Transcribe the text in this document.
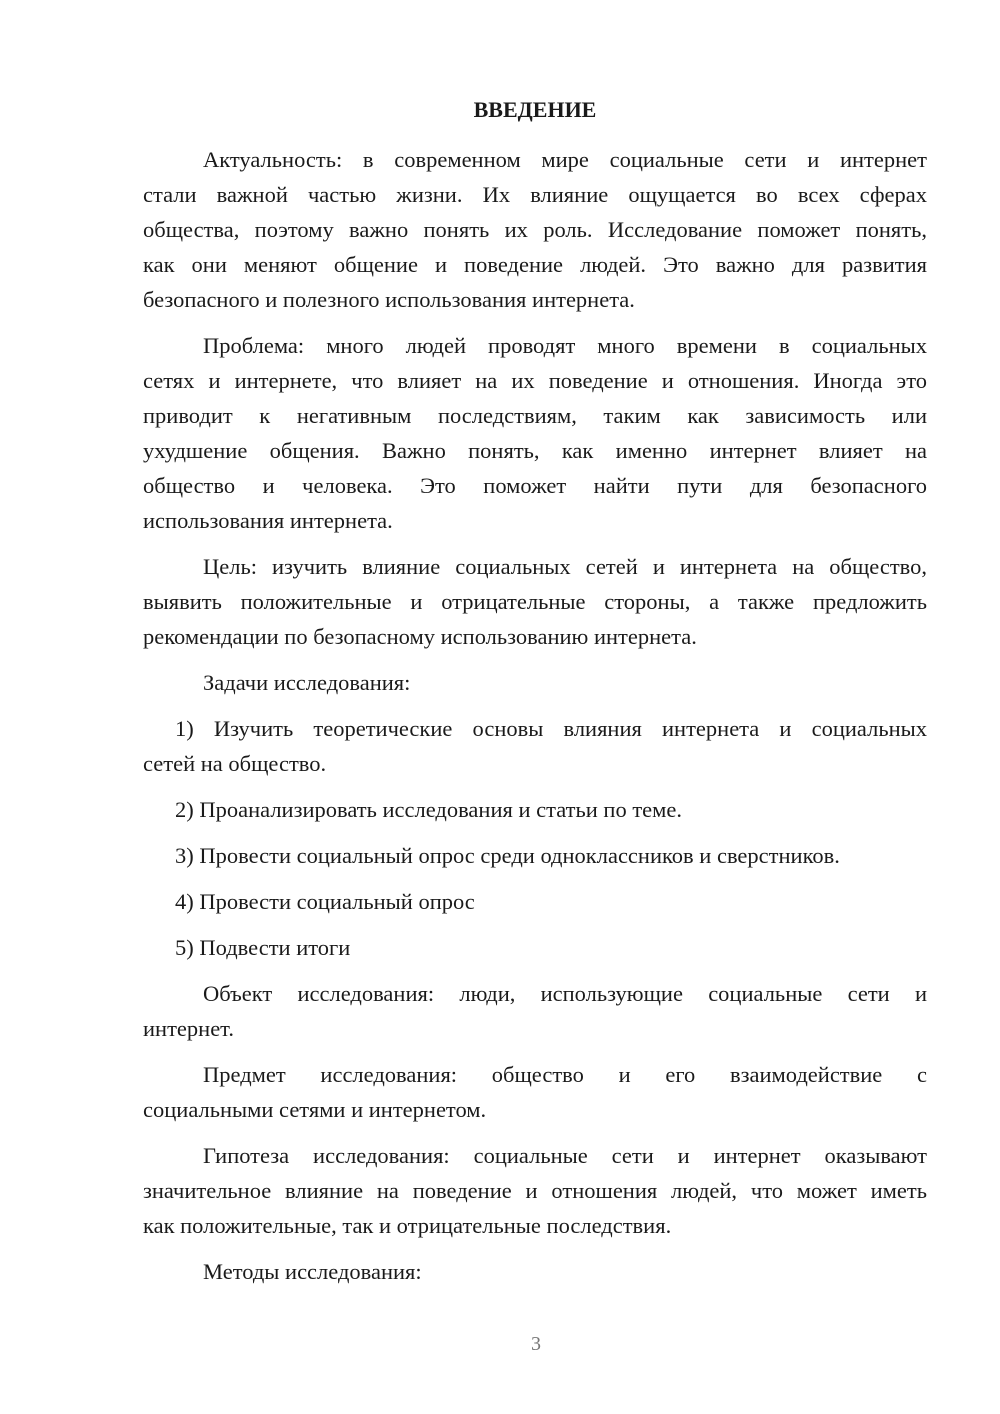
ВВЕДЕНИЕ
Актуальность: в современном мире социальные сети и интернет
стали важной частью жизни. Их влияние ощущается во всех сферах
общества, поэтому важно понять их роль. Исследование поможет понять,
как они меняют общение и поведение людей. Это важно для развития
безопасного и полезного использования интернета.
Проблема: много людей проводят много времени в социальных
сетях и интернете, что влияет на их поведение и отношения. Иногда это
приводит к негативным последствиям, таким как зависимость или
ухудшение общения. Важно понять, как именно интернет влияет на
общество и человека. Это поможет найти пути для безопасного
использования интернета.
Цель: изучить влияние социальных сетей и интернета на общество,
выявить положительные и отрицательные стороны, а также предложить
рекомендации по безопасному использованию интернета.
Задачи исследования:
1) Изучить теоретические основы влияния интернета и социальных
сетей на общество.
2) Проанализировать исследования и статьи по теме.
3) Провести социальный опрос среди одноклассников и сверстников.
4) Провести социальный опрос
5) Подвести итоги
Объект исследования: люди, использующие социальные сети и
интернет.
Предмет исследования: общество и его взаимодействие с
социальными сетями и интернетом.
Гипотеза исследования: социальные сети и интернет оказывают
значительное влияние на поведение и отношения людей, что может иметь
как положительные, так и отрицательные последствия.
Методы исследования:
3
